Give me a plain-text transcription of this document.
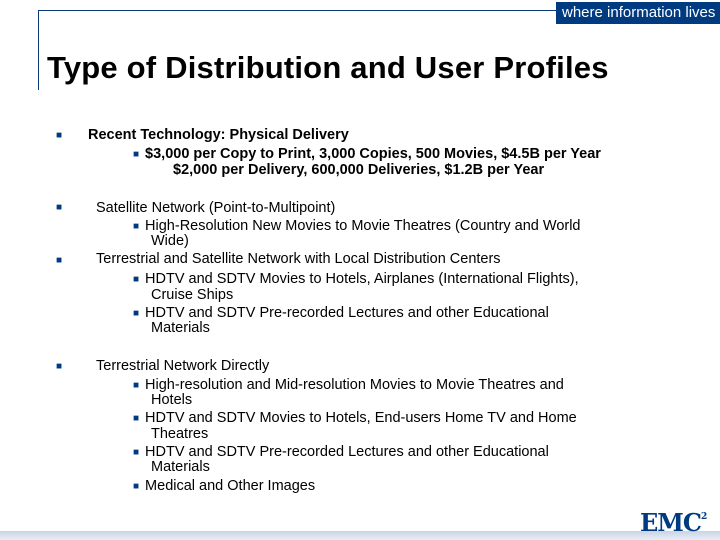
where information lives
Type of Distribution and User Profiles
■ Recent Technology: Physical Delivery
■ $3,000 per Copy to Print, 3,000 Copies, 500 Movies, $4.5B per Year
$2,000 per Delivery, 600,000 Deliveries, $1.2B per Year
■ Satellite Network (Point-to-Multipoint)
■ High-Resolution New Movies to Movie Theatres (Country and World
Wide)
■ Terrestrial and Satellite Network with Local Distribution Centers
■ HDTV and SDTV Movies to Hotels, Airplanes (International Flights),
Cruise Ships
■ HDTV and SDTV Pre-recorded Lectures and other Educational
Materials
■ Terrestrial Network Directly
■ High-resolution and Mid-resolution Movies to Movie Theatres and
Hotels
■ HDTV and SDTV Movies to Hotels, End-users Home TV and Home
Theatres
■ HDTV and SDTV Pre-recorded Lectures and other Educational
Materials
■ Medical and Other Images
EMC$^2$
